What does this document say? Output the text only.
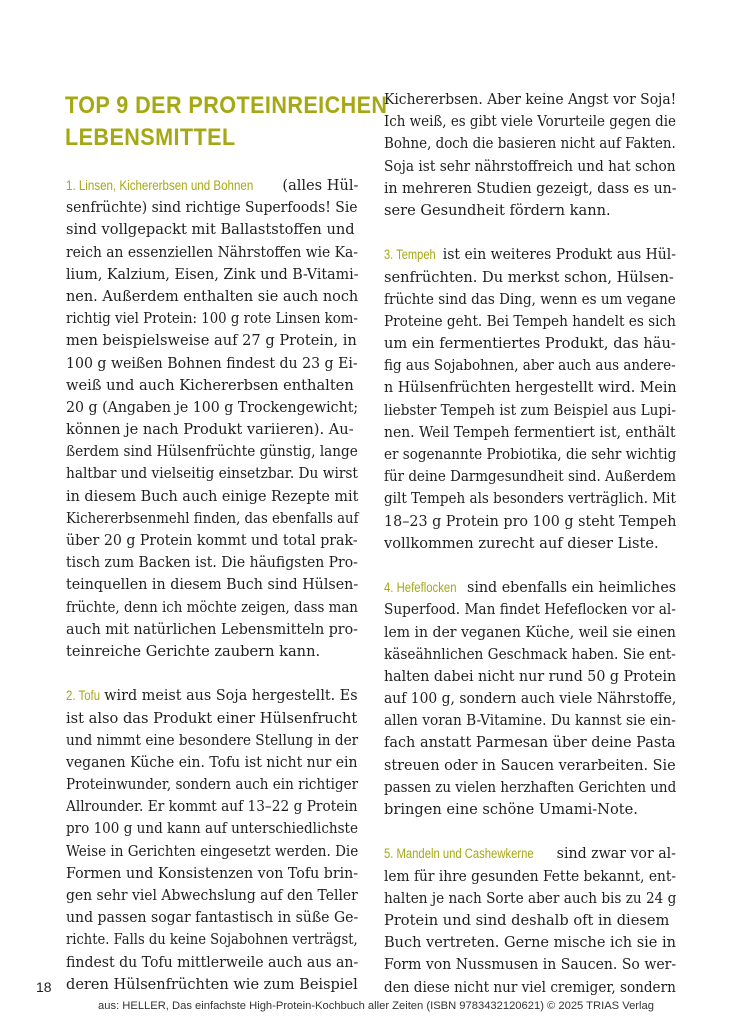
TOP 9 DER PROTEINREICHEN
LEBENSMITTEL
1. Linsen, Kichererbsen und Bohnen (alles Hül-
senfrüchte) sind richtige Superfoods! Sie
sind vollgepackt mit Ballaststoffen und
reich an essenziellen Nährstoffen wie Ka-
lium, Kalzium, Eisen, Zink und B-Vitami-
nen. Außerdem enthalten sie auch noch
richtig viel Protein: 100 g rote Linsen kom-
men beispielsweise auf 27 g Protein, in
100 g weißen Bohnen findest du 23 g Ei-
weiß und auch Kichererbsen enthalten
20 g (Angaben je 100 g Trockengewicht;
können je nach Produkt variieren). Au-
ßerdem sind Hülsenfrüchte günstig, lange
haltbar und vielseitig einsetzbar. Du wirst
in diesem Buch auch einige Rezepte mit
Kichererbsenmehl finden, das ebenfalls auf
über 20 g Protein kommt und total prak-
tisch zum Backen ist. Die häufigsten Pro-
teinquellen in diesem Buch sind Hülsen-
früchte, denn ich möchte zeigen, dass man
auch mit natürlichen Lebensmitteln pro-
teinreiche Gerichte zaubern kann.
2. Tofu wird meist aus Soja hergestellt. Es
ist also das Produkt einer Hülsenfrucht
und nimmt eine besondere Stellung in der
veganen Küche ein. Tofu ist nicht nur ein
Proteinwunder, sondern auch ein richtiger
Allrounder. Er kommt auf 13–22 g Protein
pro 100 g und kann auf unterschiedlichste
Weise in Gerichten eingesetzt werden. Die
Formen und Konsistenzen von Tofu brin-
gen sehr viel Abwechslung auf den Teller
und passen sogar fantastisch in süße Ge-
richte. Falls du keine Sojabohnen verträgst,
findest du Tofu mittlerweile auch aus an-
deren Hülsenfrüchten wie zum Beispiel
Kichererbsen. Aber keine Angst vor Soja!
Ich weiß, es gibt viele Vorurteile gegen die
Bohne, doch die basieren nicht auf Fakten.
Soja ist sehr nährstoffreich und hat schon
in mehreren Studien gezeigt, dass es un-
sere Gesundheit fördern kann.
3. Tempeh ist ein weiteres Produkt aus Hül-
senfrüchten. Du merkst schon, Hülsen-
früchte sind das Ding, wenn es um vegane
Proteine geht. Bei Tempeh handelt es sich
um ein fermentiertes Produkt, das häu-
fig aus Sojabohnen, aber auch aus andere-
n Hülsenfrüchten hergestellt wird. Mein
liebster Tempeh ist zum Beispiel aus Lupi-
nen. Weil Tempeh fermentiert ist, enthält
er sogenannte Probiotika, die sehr wichtig
für deine Darmgesundheit sind. Außerdem
gilt Tempeh als besonders verträglich. Mit
18–23 g Protein pro 100 g steht Tempeh
vollkommen zurecht auf dieser Liste.
4. Hefeflocken sind ebenfalls ein heimliches
Superfood. Man findet Hefeflocken vor al-
lem in der veganen Küche, weil sie einen
käseähnlichen Geschmack haben. Sie ent-
halten dabei nicht nur rund 50 g Protein
auf 100 g, sondern auch viele Nährstoffe,
allen voran B-Vitamine. Du kannst sie ein-
fach anstatt Parmesan über deine Pasta
streuen oder in Saucen verarbeiten. Sie
passen zu vielen herzhaften Gerichten und
bringen eine schöne Umami-Note.
5. Mandeln und Cashewkerne sind zwar vor al-
lem für ihre gesunden Fette bekannt, ent-
halten je nach Sorte aber auch bis zu 24 g
Protein und sind deshalb oft in diesem
Buch vertreten. Gerne mische ich sie in
Form von Nussmusen in Saucen. So wer-
den diese nicht nur viel cremiger, sondern
18
aus: HELLER, Das einfachste High-Protein-Kochbuch aller Zeiten (ISBN 9783432120621) © 2025 TRIAS Verlag
